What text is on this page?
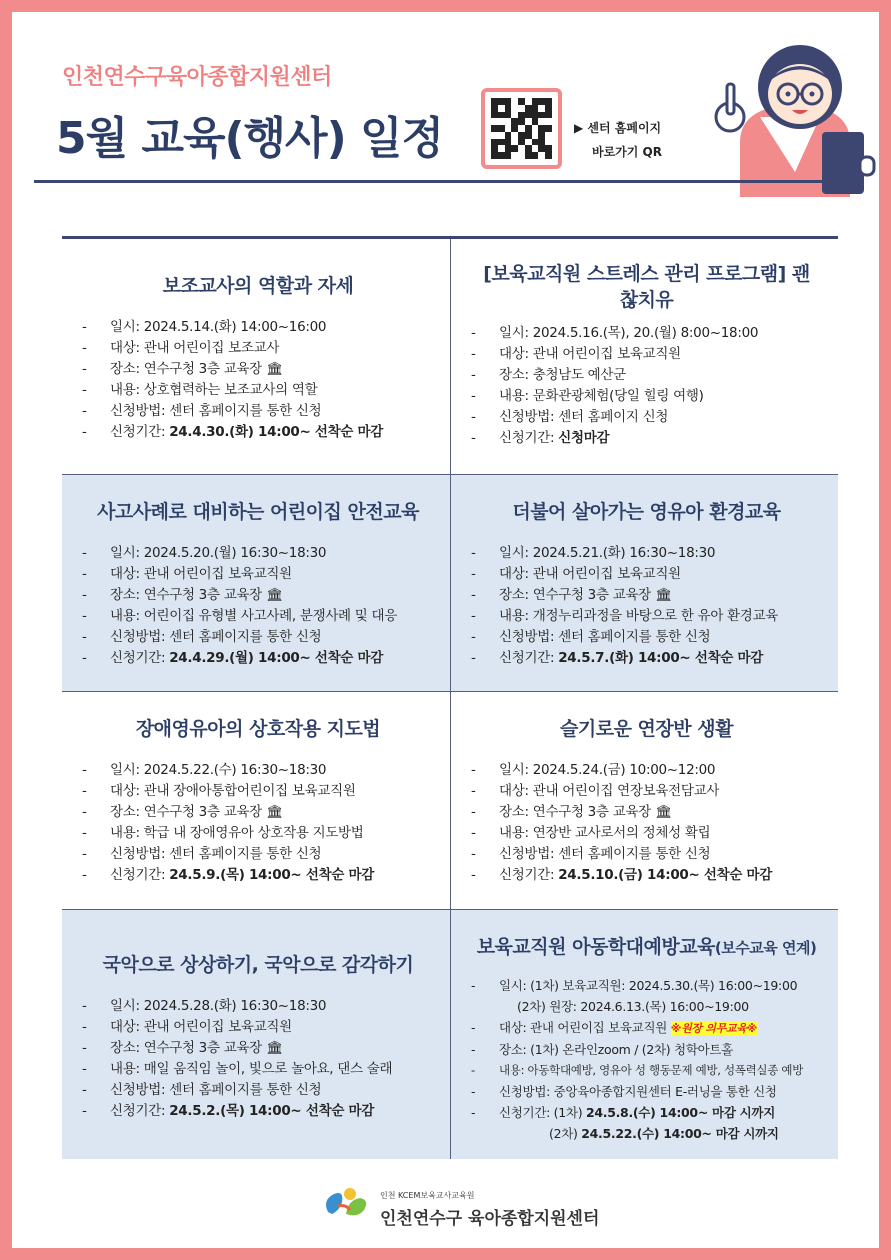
인천연수구육아종합지원센터
5월 교육(행사) 일정	▶ 센터 홈페이지
바로가기 QR
보조교사의 역할과 자세
- 일시: 2024.5.14.(화) 14:00~16:00
- 대상: 관내 어린이집 보조교사
- 장소: 연수구청 3층 교육장 🏛
- 내용: 상호협력하는 보조교사의 역할
- 신청방법: 센터 홈페이지를 통한 신청
- 신청기간: 24.4.30.(화) 14:00~ 선착순 마감
[보육교직원 스트레스 관리 프로그램] 괜찮치유
- 일시: 2024.5.16.(목), 20.(월) 8:00~18:00
- 대상: 관내 어린이집 보육교직원
- 장소: 충청남도 예산군
- 내용: 문화관광체험(당일 힐링 여행)
- 신청방법: 센터 홈페이지 신청
- 신청기간: 신청마감
사고사례로 대비하는 어린이집 안전교육
- 일시: 2024.5.20.(월) 16:30~18:30
- 대상: 관내 어린이집 보육교직원
- 장소: 연수구청 3층 교육장 🏛
- 내용: 어린이집 유형별 사고사례, 분쟁사례 및 대응
- 신청방법: 센터 홈페이지를 통한 신청
- 신청기간: 24.4.29.(월) 14:00~ 선착순 마감
더불어 살아가는 영유아 환경교육
- 일시: 2024.5.21.(화) 16:30~18:30
- 대상: 관내 어린이집 보육교직원
- 장소: 연수구청 3층 교육장 🏛
- 내용: 개정누리과정을 바탕으로 한 유아 환경교육
- 신청방법: 센터 홈페이지를 통한 신청
- 신청기간: 24.5.7.(화) 14:00~ 선착순 마감
장애영유아의 상호작용 지도법
- 일시: 2024.5.22.(수) 16:30~18:30
- 대상: 관내 장애아통합어린이집 보육교직원
- 장소: 연수구청 3층 교육장 🏛
- 내용: 학급 내 장애영유아 상호작용 지도방법
- 신청방법: 센터 홈페이지를 통한 신청
- 신청기간: 24.5.9.(목) 14:00~ 선착순 마감
슬기로운 연장반 생활
- 일시: 2024.5.24.(금) 10:00~12:00
- 대상: 관내 어린이집 연장보육전담교사
- 장소: 연수구청 3층 교육장 🏛
- 내용: 연장반 교사로서의 정체성 확립
- 신청방법: 센터 홈페이지를 통한 신청
- 신청기간: 24.5.10.(금) 14:00~ 선착순 마감
국악으로 상상하기, 국악으로 감각하기
- 일시: 2024.5.28.(화) 16:30~18:30
- 대상: 관내 어린이집 보육교직원
- 장소: 연수구청 3층 교육장 🏛
- 내용: 매일 움직임 놀이, 빛으로 놀아요, 댄스 술래
- 신청방법: 센터 홈페이지를 통한 신청
- 신청기간: 24.5.2.(목) 14:00~ 선착순 마감
보육교직원 아동학대예방교육(보수교육 연계)
- 일시: (1차) 보육교직원: 2024.5.30.(목) 16:00~19:00
(2차) 원장: 2024.6.13.(목) 16:00~19:00
- 대상: 관내 어린이집 보육교직원 ※원장 의무교육※
- 장소: (1차) 온라인zoom / (2차) 청학아트홀
- 내용: 아동학대예방, 영유아 성 행동문제 예방, 성폭력실종 예방
- 신청방법: 중앙육아종합지원센터 E-러닝을 통한 신청
- 신청기간: (1차) 24.5.8.(수) 14:00~ 마감 시까지
(2차) 24.5.22.(수) 14:00~ 마감 시까지
인천 KCEM보육교사교육원
인천연수구 육아종합지원센터
